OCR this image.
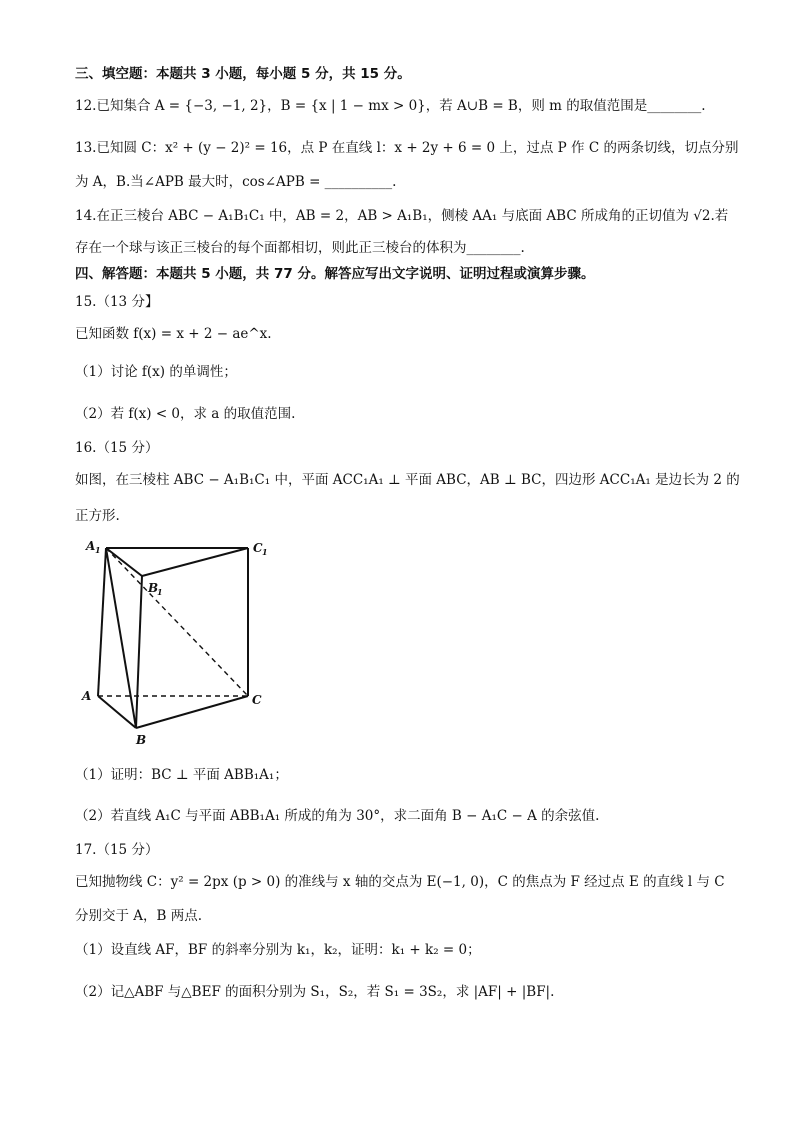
三、填空题：本题共 3 小题，每小题 5 分，共 15 分。
12.已知集合 A = {−3, −1, 2}，B = {x | 1 − mx > 0}，若 A∪B = B，则 m 的取值范围是________.
13.已知圆 C：x² + (y − 2)² = 16，点 P 在直线 l：x + 2y + 6 = 0 上，过点 P 作 C 的两条切线，切点分别
为 A，B.当∠APB 最大时，cos∠APB = __________.
14.在正三棱台 ABC − A₁B₁C₁ 中，AB = 2，AB > A₁B₁，侧棱 AA₁ 与底面 ABC 所成角的正切值为 √2.若
存在一个球与该正三棱台的每个面都相切，则此正三棱台的体积为________.
四、解答题：本题共 5 小题，共 77 分。解答应写出文字说明、证明过程或演算步骤。
15.（13 分】
已知函数 f(x) = x + 2 − ae^x.
（1）讨论 f(x) 的单调性；
（2）若 f(x) < 0，求 a 的取值范围.
16.（15 分）
如图，在三棱柱 ABC − A₁B₁C₁ 中，平面 ACC₁A₁ ⊥ 平面 ABC，AB ⊥ BC，四边形 ACC₁A₁ 是边长为 2 的
正方形.
A 1	C 1
B
1
A	C
B
（1）证明：BC ⊥ 平面 ABB₁A₁；
（2）若直线 A₁C 与平面 ABB₁A₁ 所成的角为 30°，求二面角 B − A₁C − A 的余弦值.
17.（15 分）
已知抛物线 C：y² = 2px (p > 0) 的准线与 x 轴的交点为 E(−1, 0)，C 的焦点为 F 经过点 E 的直线 l 与 C
分别交于 A，B 两点.
（1）设直线 AF，BF 的斜率分别为 k₁，k₂，证明：k₁ + k₂ = 0；
（2）记△ABF 与△BEF 的面积分别为 S₁，S₂，若 S₁ = 3S₂，求 |AF| + |BF|.
